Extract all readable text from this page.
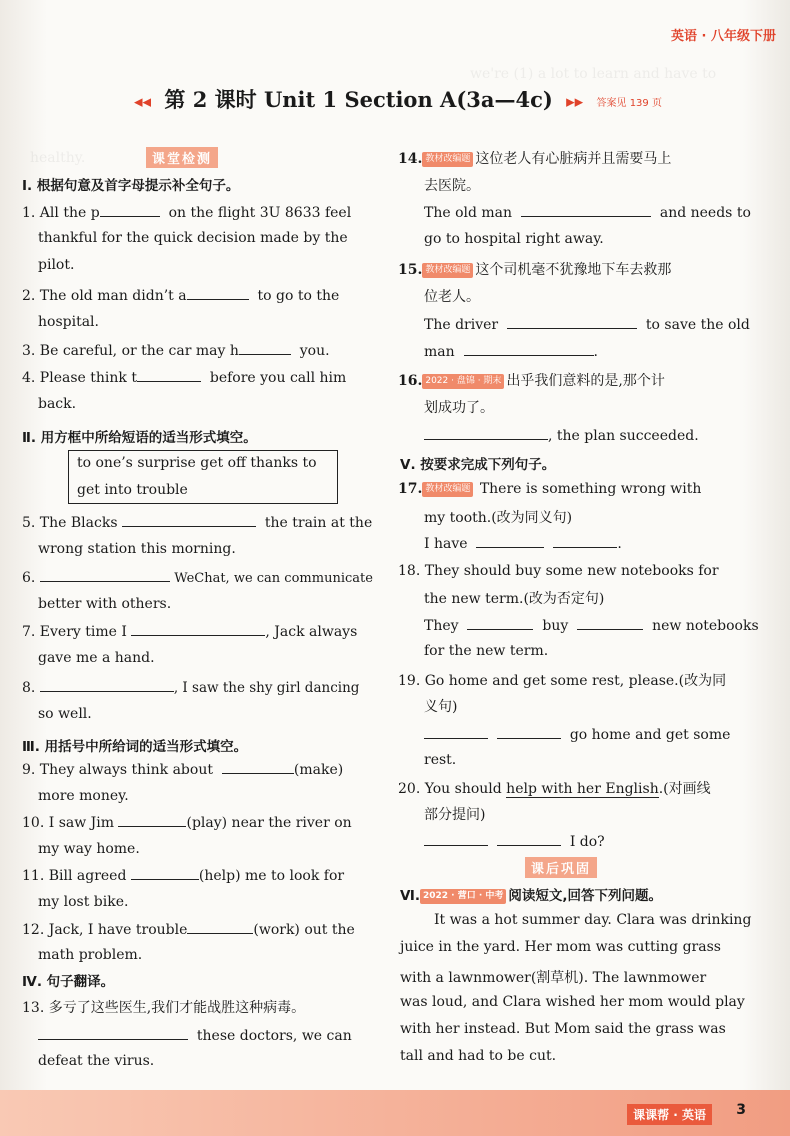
we're (1) a lot to learn and have to
healthy.
英语 · 八年级下册
◂◂ 第 2 课时 Unit 1 Section A(3a—4c) ▸▸ 答案见 139 页
课堂检测
Ⅰ. 根据句意及首字母提示补全句子。
1. All the p	on the flight 3U 8633 feel
thankful for the quick decision made by the
pilot.
2. The old man didn’t a	to go to the
hospital.
3. Be careful, or the car may h	you.
4. Please think t	before you call him
back.
Ⅱ. 用方框中所给短语的适当形式填空。
to one’s surprise get off thanks to
get into trouble
5. The Blacks	the train at the
wrong station this morning.
6.	WeChat, we can communicate
better with others.
7. Every time I	, Jack always
gave me a hand.
8.	, I saw the shy girl dancing
so well.
Ⅲ. 用括号中所给词的适当形式填空。
9. They always think about	(make)
more money.
10. I saw Jim	(play) near the river on
my way home.
11. Bill agreed	(help) me to look for
my lost bike.
12. Jack, I have trouble	(work) out the
math problem.
Ⅳ. 句子翻译。
13. 多亏了这些医生,我们才能战胜这种病毒。
these doctors, we can
defeat the virus.
14. 教材改编题 这位老人有心脏病并且需要马上
去医院。
The old man	and needs to
go to hospital right away.
15. 教材改编题 这个司机毫不犹豫地下车去救那
位老人。
The driver	to save the old
man	.
16. 2022 · 盘锦 · 期末 出乎我们意料的是,那个计
划成功了。
, the plan succeeded.
Ⅴ. 按要求完成下列句子。
17. 教材改编题 There is something wrong with
my tooth.(改为同义句)
I have	.
18. They should buy some new notebooks for
the new term.(改为否定句)
They	buy	new notebooks
for the new term.
19. Go home and get some rest, please.(改为同
义句)
go home and get some
rest.
20. You should help with her English.(对画线
部分提问)
I do?
课后巩固
Ⅵ. 2022 · 营口 · 中考 阅读短文,回答下列问题。
It was a hot summer day. Clara was drinking
juice in the yard. Her mom was cutting grass
with a lawnmower(割草机). The lawnmower
was loud, and Clara wished her mom would play
with her instead. But Mom said the grass was
tall and had to be cut.
课课帮 · 英语	3
